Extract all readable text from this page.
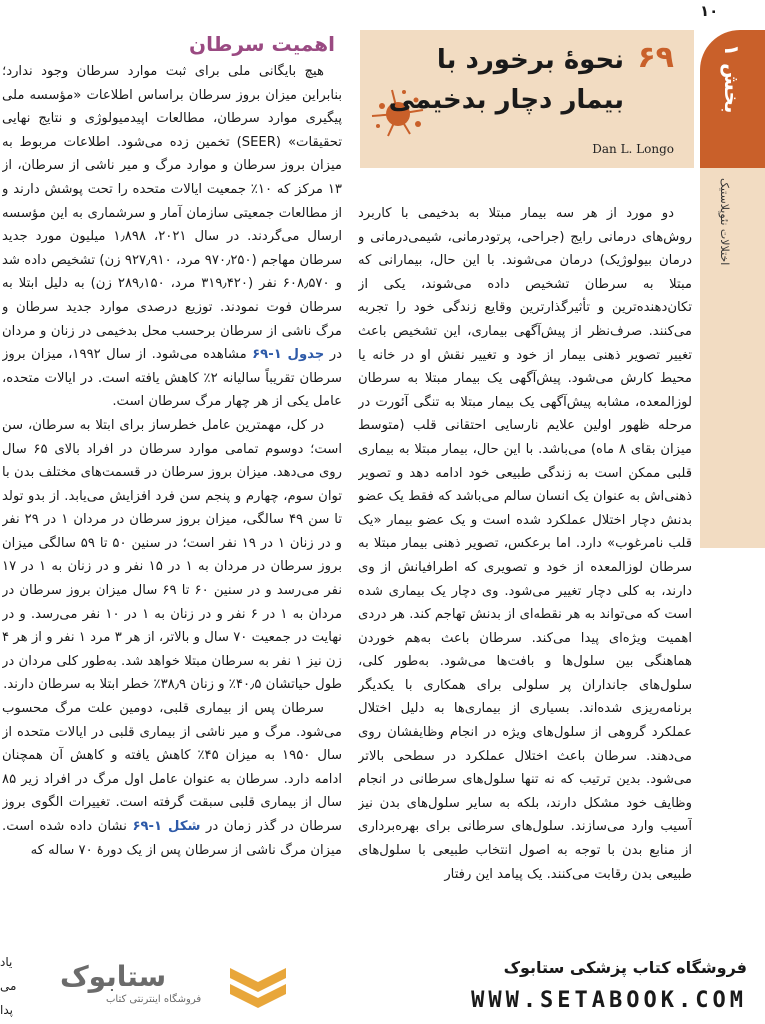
۱۰
۶۹
نحوۀ برخورد با بیمار دچار بدخیمی
Dan L. Longo
بخش ۱
اختلالات نئوپلاستیک
اهمیت سرطان

هیچ بایگانی ملی برای ثبت موارد سرطان وجود ندارد؛ بنابراین میزان بروز سرطان براساس اطلاعات «مؤسسه ملی پیگیری موارد سرطان، مطالعات اپیدمیولوژی و نتایج نهایی تحقیقات» (SEER) تخمین زده می‌شود. اطلاعات مربوط به میزان بروز سرطان و موارد مرگ و میر ناشی از سرطان، از ۱۳ مرکز که ۱۰٪ جمعیت ایالات متحده را تحت پوشش دارند و از مطالعات جمعیتی سازمان آمار و سرشماری به این مؤسسه ارسال می‌گردند. در سال ۲۰۲۱، ۱٫۸۹۸ میلیون مورد جدید سرطان مهاجم (۹۷۰٫۲۵۰ مرد، ۹۲۷٫۹۱۰ زن) تشخیص داده شد و ۶۰۸٫۵۷۰ نفر (۳۱۹٫۴۲۰ مرد، ۲۸۹٫۱۵۰ زن) به دلیل ابتلا به سرطان فوت نمودند. توزیع درصدی موارد جدید سرطان و مرگ ناشی از سرطان برحسب محل بدخیمی در زنان و مردان در جدول ۱-۶۹ مشاهده می‌شود. از سال ۱۹۹۲، میزان بروز سرطان تقریباً سالیانه ۲٪ کاهش یافته است. در ایالات متحده، عامل یکی از هر چهار مرگ سرطان است.

در کل، مهمترین عامل خطرساز برای ابتلا به سرطان، سن است؛ دوسوم تمامی موارد سرطان در افراد بالای ۶۵ سال روی می‌دهد. میزان بروز سرطان در قسمت‌های مختلف بدن با توان سوم، چهارم و پنجم سن فرد افزایش می‌یابد. از بدو تولد تا سن ۴۹ سالگی، میزان بروز سرطان در مردان ۱ در ۲۹ نفر و در زنان ۱ در ۱۹ نفر است؛ در سنین ۵۰ تا ۵۹ سالگی میزان بروز سرطان در مردان به ۱ در ۱۵ نفر و در زنان به ۱ در ۱۷ نفر می‌رسد و در سنین ۶۰ تا ۶۹ سال میزان بروز سرطان در مردان به ۱ در ۶ نفر و در زنان به ۱ در ۱۰ نفر می‌رسد. و در نهایت در جمعیت ۷۰ سال و بالاتر، از هر ۳ مرد ۱ نفر و از هر ۴ زن نیز ۱ نفر به سرطان مبتلا خواهد شد. به‌طور کلی مردان در طول حیاتشان ۴۰٫۵٪ و زنان ۳۸٫۹٪ خطر ابتلا به سرطان دارند.

سرطان پس از بیماری قلبی، دومین علت مرگ محسوب می‌شود. مرگ و میر ناشی از بیماری قلبی در ایالات متحده از سال ۱۹۵۰ به میزان ۴۵٪ کاهش یافته و کاهش آن همچنان ادامه دارد. سرطان به عنوان عامل اول مرگ در افراد زیر ۸۵ سال از بیماری قلبی سبقت گرفته است. تغییرات الگوی بروز سرطان در گذر زمان در شکل ۱-۶۹ نشان داده شده است. میزان مرگ ناشی از سرطان پس از یک دورۀ ۷۰ ساله که

دو مورد از هر سه بیمار مبتلا به بدخیمی با کاربرد روش‌های درمانی رایج (جراحی، پرتودرمانی، شیمی‌درمانی و درمان بیولوژیک) درمان می‌شوند. با این حال، بیمارانی که مبتلا به سرطان تشخیص داده می‌شوند، یکی از تکان‌دهنده‌ترین و تأثیرگذارترین وقایع زندگی خود را تجربه می‌کنند. صرف‌نظر از پیش‌آگهی بیماری، این تشخیص باعث تغییر تصویر ذهنی بیمار از خود و تغییر نقش او در خانه یا محیط کارش می‌شود. پیش‌آگهی یک بیمار مبتلا به سرطان لوزالمعده، مشابه پیش‌آگهی یک بیمار مبتلا به تنگی آئورت در مرحله ظهور اولین علایم نارسایی احتقانی قلب (متوسط میزان بقای ۸ ماه) می‌باشد. با این حال، بیمار مبتلا به بیماری قلبی ممکن است به زندگی طبیعی خود ادامه دهد و تصویر ذهنی‌اش به عنوان یک انسان سالم می‌باشد که فقط یک عضو بدنش دچار اختلال عملکرد شده است و یک عضو بیمار «یک قلب نامرغوب» دارد. اما برعکس، تصویر ذهنی بیمار مبتلا به سرطان لوزالمعده از خود و تصویری که اطرافیانش از وی دارند، به کلی دچار تغییر می‌شود. وی دچار یک بیماری شده است که می‌تواند به هر نقطه‌ای از بدنش تهاجم کند. هر دردی اهمیت ویژه‌ای پیدا می‌کند. سرطان باعث به‌هم خوردن هماهنگی بین سلول‌ها و بافت‌ها می‌شود. به‌طور کلی، سلول‌های جانداران پر سلولی برای همکاری با یکدیگر برنامه‌ریزی شده‌اند. بسیاری از بیماری‌ها به دلیل اختلال عملکرد گروهی از سلول‌های ویژه در انجام وظایفشان روی می‌دهند. سرطان باعث اختلال عملکرد در سطحی بالاتر می‌شود. بدین ترتیب که نه تنها سلول‌های سرطانی در انجام وظایف خود مشکل دارند، بلکه به سایر سلول‌های بدن نیز آسیب وارد می‌سازند. سلول‌های سرطانی برای بهره‌برداری از منابع بدن با توجه به اصول انتخاب طبیعی با سلول‌های طبیعی بدن رقابت می‌کنند. یک پیامد این رفتار

یاد
می
پدا
ستابوک
فروشگاه اینترنتی کتاب
فروشگاه کتاب پزشکی ستابوک
WWW.SETABOOK.COM
